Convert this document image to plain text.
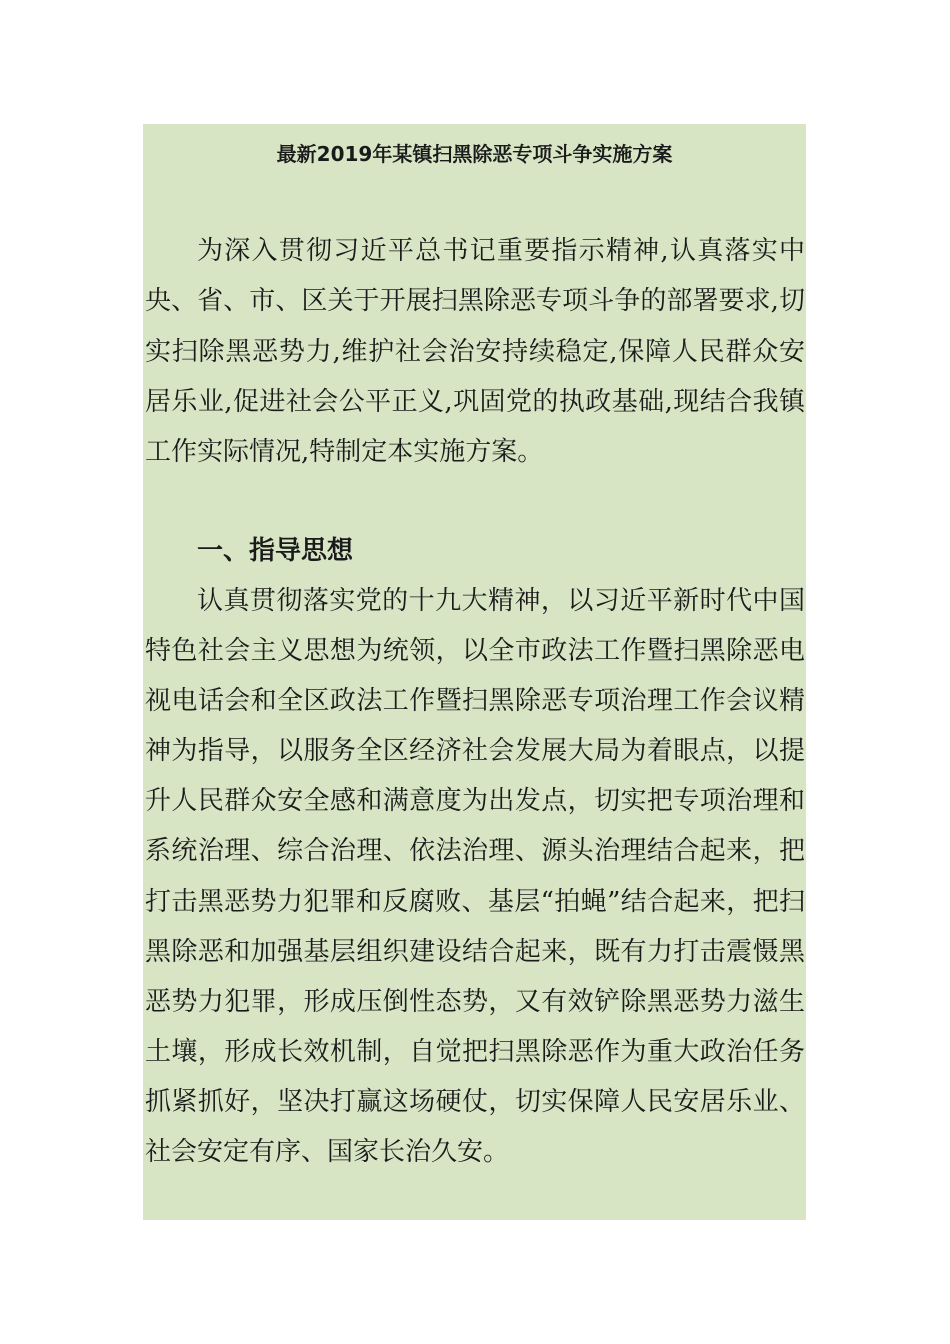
最新2019年某镇扫黑除恶专项斗争实施方案

为深入贯彻习近平总书记重要指示精神,认真落实中央、省、市、区关于开展扫黑除恶专项斗争的部署要求,切实扫除黑恶势力,维护社会治安持续稳定,保障人民群众安居乐业,促进社会公平正义,巩固党的执政基础,现结合我镇工作实际情况,特制定本实施方案。

一、指导思想

认真贯彻落实党的十九大精神，以习近平新时代中国特色社会主义思想为统领，以全市政法工作暨扫黑除恶电视电话会和全区政法工作暨扫黑除恶专项治理工作会议精神为指导，以服务全区经济社会发展大局为着眼点，以提升人民群众安全感和满意度为出发点，切实把专项治理和系统治理、综合治理、依法治理、源头治理结合起来，把打击黑恶势力犯罪和反腐败、基层“拍蝇”结合起来，把扫黑除恶和加强基层组织建设结合起来，既有力打击震慑黑恶势力犯罪，形成压倒性态势，又有效铲除黑恶势力滋生土壤，形成长效机制，自觉把扫黑除恶作为重大政治任务抓紧抓好，坚决打赢这场硬仗，切实保障人民安居乐业、社会安定有序、国家长治久安。
